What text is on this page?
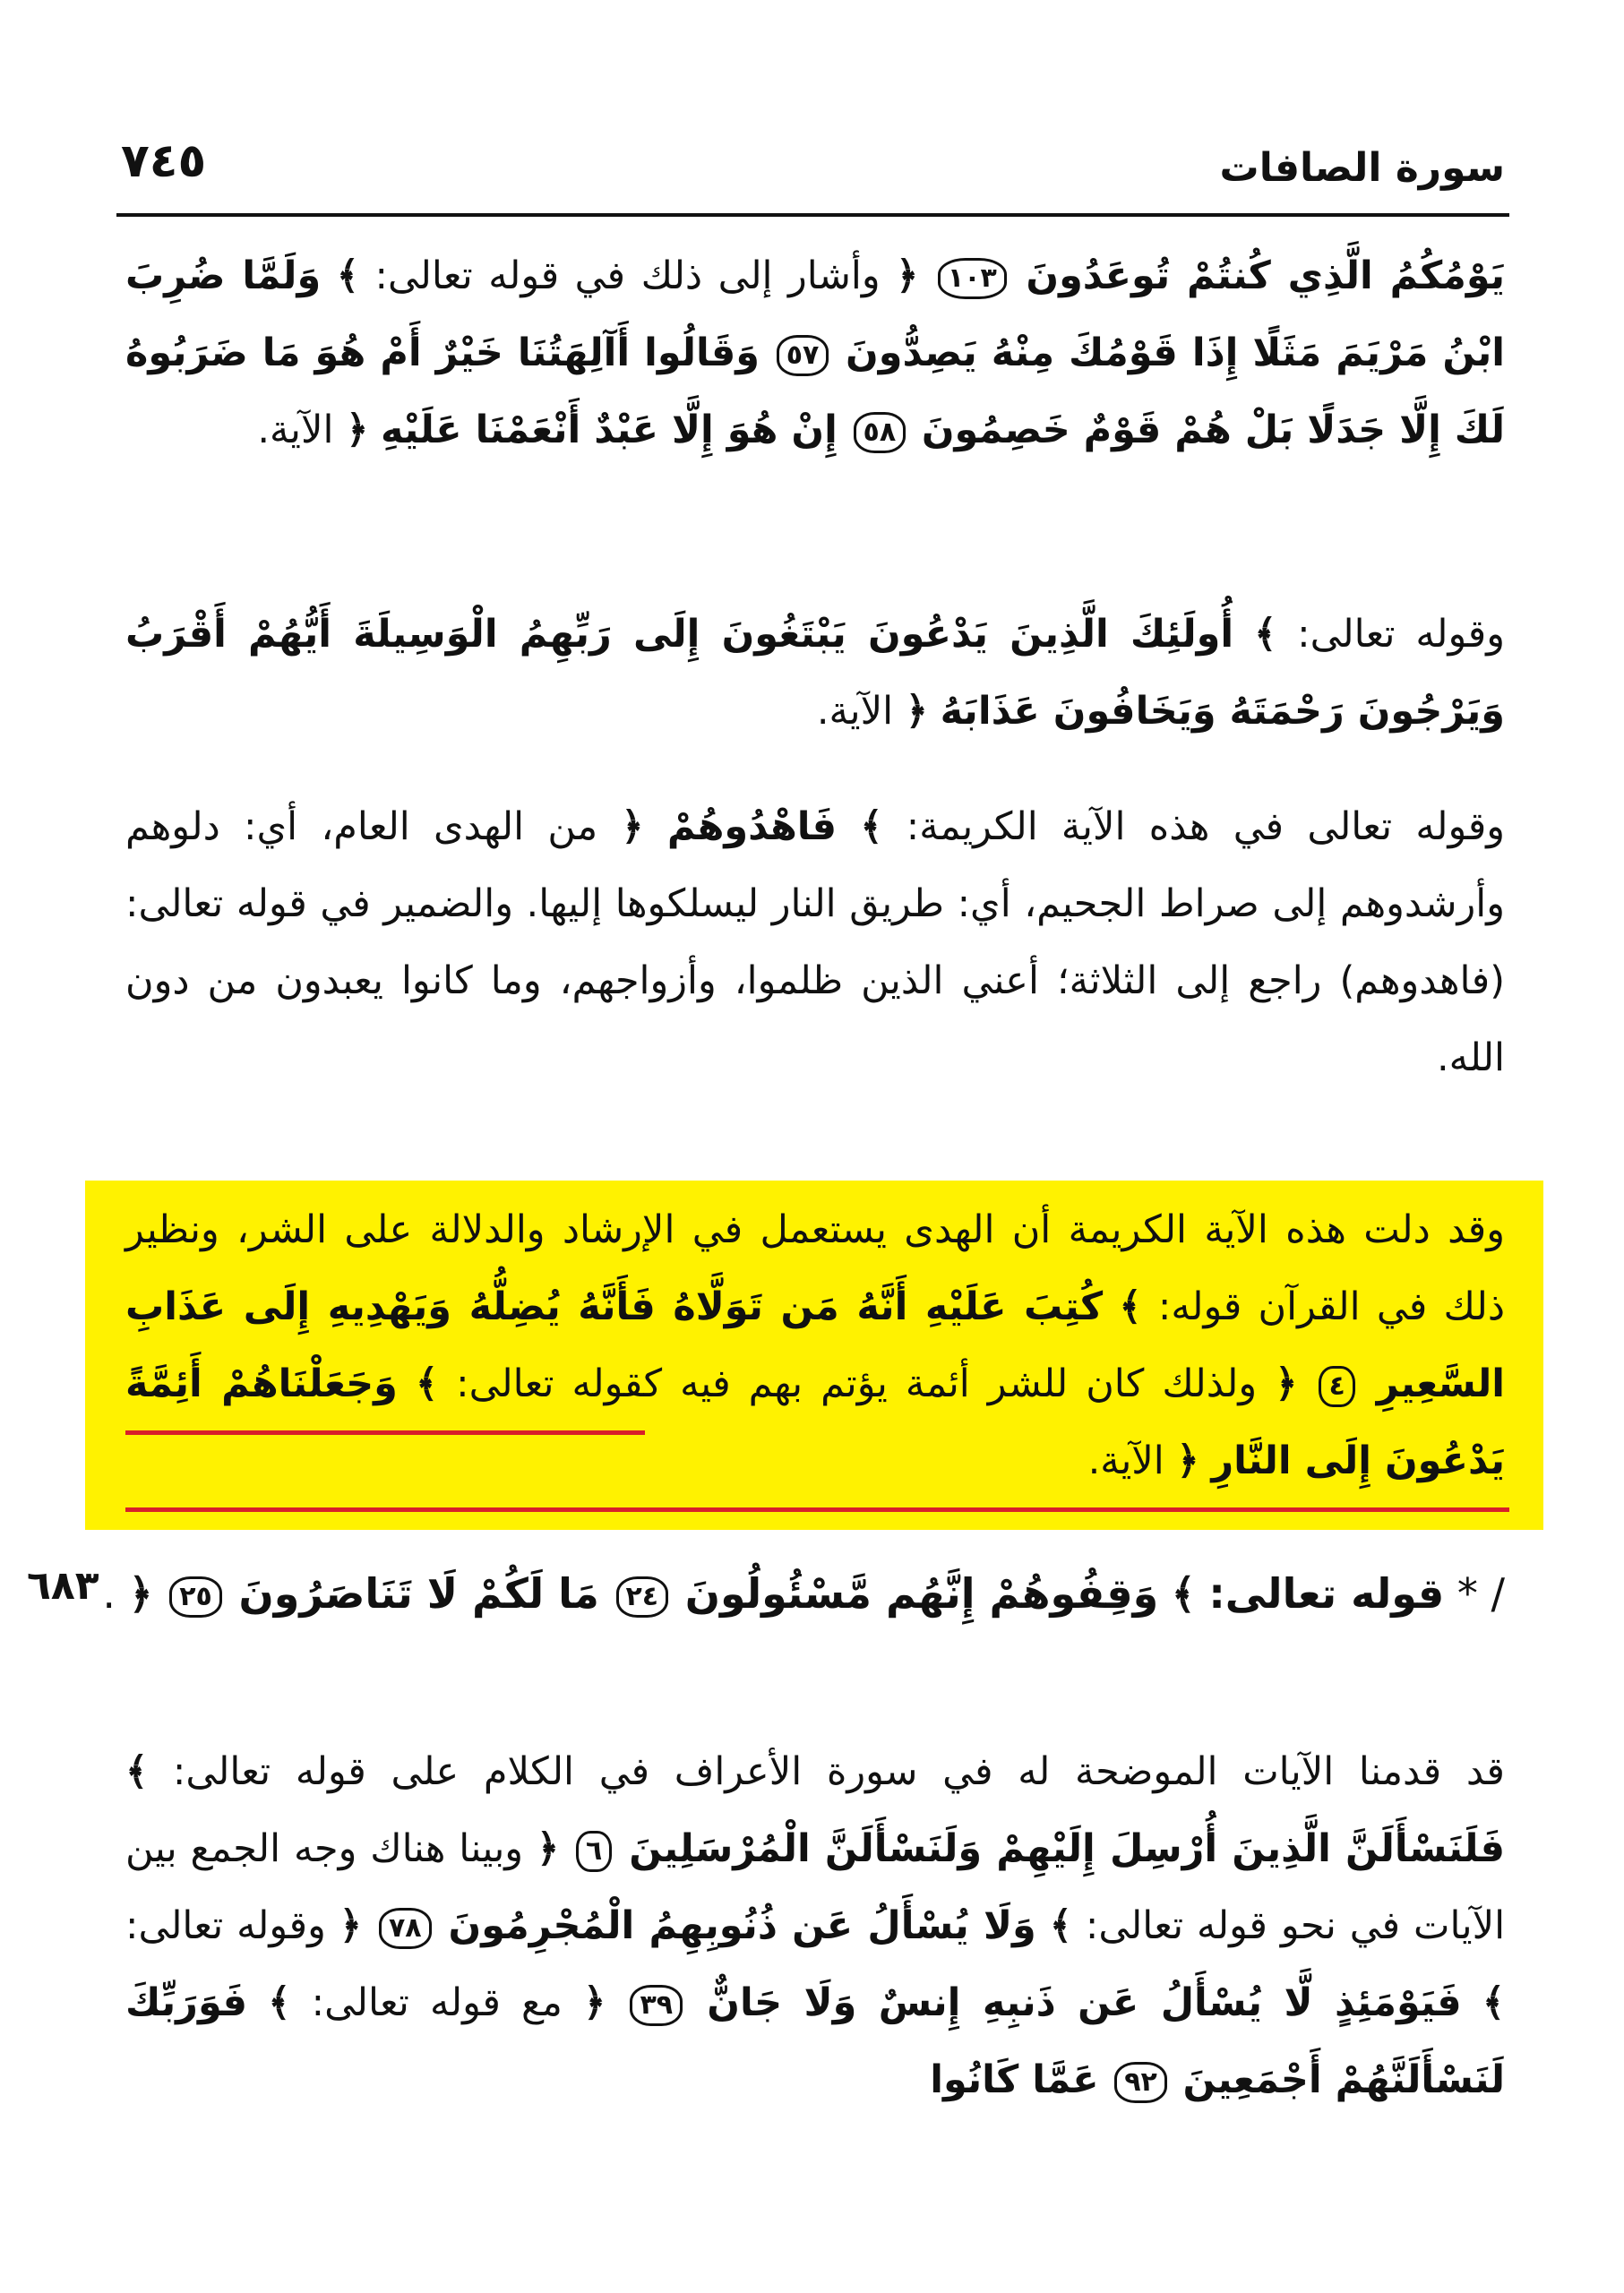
٧٤٥	سورة الصافات

يَوْمُكُمُ الَّذِي كُنتُمْ تُوعَدُونَ ١٠٣ ﴿ وأشار إلى ذلك في قوله تعالى: ﴾ وَلَمَّا ضُرِبَ ابْنُ مَرْيَمَ مَثَلًا إِذَا قَوْمُكَ مِنْهُ يَصِدُّونَ ٥٧ وَقَالُوا أَآلِهَتُنَا خَيْرٌ أَمْ هُوَ مَا ضَرَبُوهُ لَكَ إِلَّا جَدَلًا بَلْ هُمْ قَوْمٌ خَصِمُونَ ٥٨ إِنْ هُوَ إِلَّا عَبْدٌ أَنْعَمْنَا عَلَيْهِ ﴿ الآية.

وقوله تعالى: ﴾ أُولَئِكَ الَّذِينَ يَدْعُونَ يَبْتَغُونَ إِلَى رَبِّهِمُ الْوَسِيلَةَ أَيُّهُمْ أَقْرَبُ وَيَرْجُونَ رَحْمَتَهُ وَيَخَافُونَ عَذَابَهُ ﴿ الآية.

وقوله تعالى في هذه الآية الكريمة: ﴾ فَاهْدُوهُمْ ﴿ من الهدى العام، أي: دلوهم وأرشدوهم إلى صراط الجحيم، أي: طريق النار ليسلكوها إليها. والضمير في قوله تعالى: (فاهدوهم) راجع إلى الثلاثة؛ أعني الذين ظلموا، وأزواجهم، وما كانوا يعبدون من دون الله.

وقد دلت هذه الآية الكريمة أن الهدى يستعمل في الإرشاد والدلالة على الشر، ونظير ذلك في القرآن قوله: ﴾ كُتِبَ عَلَيْهِ أَنَّهُ مَن تَوَلَّاهُ فَأَنَّهُ يُضِلُّهُ وَيَهْدِيهِ إِلَى عَذَابِ السَّعِيرِ ٤ ﴿ ولذلك كان للشر أئمة يؤتم بهم فيه كقوله تعالى: ﴾ وَجَعَلْنَاهُمْ أَئِمَّةً يَدْعُونَ إِلَى النَّارِ ﴿ الآية.

٦٨٣	/ * قوله تعالى: ﴾ وَقِفُوهُمْ إِنَّهُم مَّسْئُولُونَ ٢٤ مَا لَكُمْ لَا تَنَاصَرُونَ ٢٥ ﴿ .

قد قدمنا الآيات الموضحة له في سورة الأعراف في الكلام على قوله تعالى: ﴾ فَلَنَسْأَلَنَّ الَّذِينَ أُرْسِلَ إِلَيْهِمْ وَلَنَسْأَلَنَّ الْمُرْسَلِينَ ٦ ﴿ وبينا هناك وجه الجمع بين الآيات في نحو قوله تعالى: ﴾ وَلَا يُسْأَلُ عَن ذُنُوبِهِمُ الْمُجْرِمُونَ ٧٨ ﴿ وقوله تعالى: ﴾ فَيَوْمَئِذٍ لَّا يُسْأَلُ عَن ذَنبِهِ إِنسٌ وَلَا جَانٌّ ٣٩ ﴿ مع قوله تعالى: ﴾ فَوَرَبِّكَ لَنَسْأَلَنَّهُمْ أَجْمَعِينَ ٩٢ عَمَّا كَانُوا
